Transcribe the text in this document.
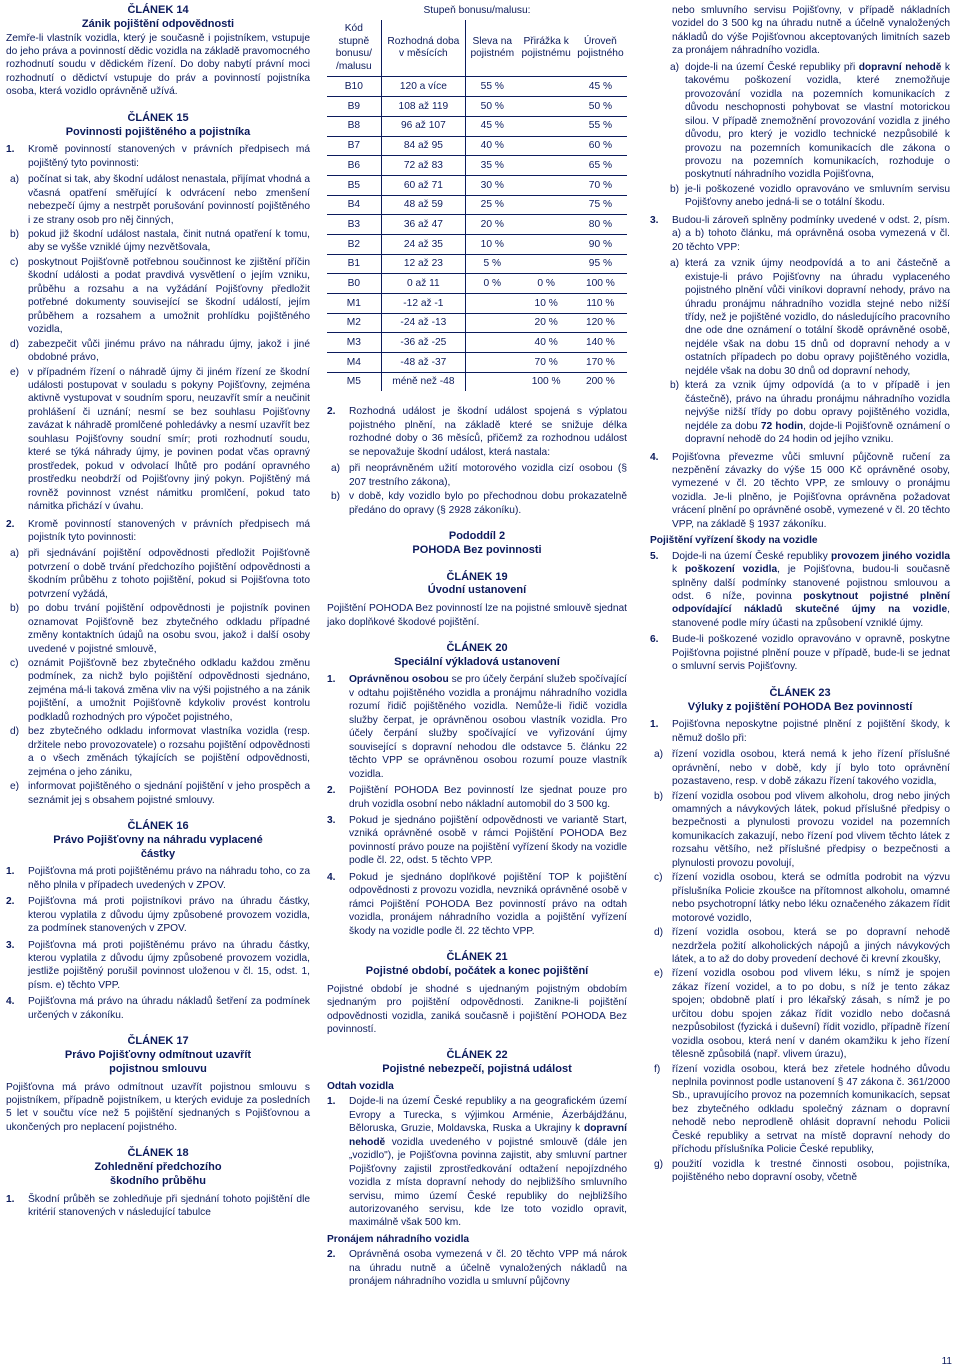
ČLÁNEK 14

Zánik pojištění odpovědnosti

Zemře-li vlastník vozidla, který je současně i pojistníkem, vstupuje do jeho práva a povinností dědic vozidla na základě pravomocného rozhodnutí soudu v dědickém řízení. Do doby nabytí právní moci rozhodnutí o dědictví vstupuje do práv a povinností pojistníka osoba, která vozidlo oprávněně užívá.

ČLÁNEK 15

Povinnosti pojištěného a pojistníka

1. Kromě povinností stanovených v právních předpisech má pojištěný tyto povinnosti:
a) počínat si tak, aby škodní událost nenastala, přijímat vhodná a včasná opatření směřující k odvrácení nebo zmenšení nebezpečí újmy a nestrpět porušování povinností pojištěného i ze strany osob pro něj činných,
b) pokud již škodní událost nastala, činit nutná opatření k tomu, aby se vyšše vzniklé újmy nezvětšovala,
c) poskytnout Pojišťovně potřebnou součinnost ke zjištění příčin škodní události a podat pravdivá vysvětlení o jejím vzniku, průběhu a rozsahu a na vyžádání Pojišťovny předložit potřebné dokumenty související se škodní událostí, jejím průběhem a rozsahem a umožnit prohlídku pojištěného vozidla,
d) zabezpečit vůči jinému právo na náhradu újmy, jakož i jiné obdobné právo,
e) v případném řízení o náhradě újmy či jiném řízení ze škodní události postupovat v souladu s pokyny Pojišťovny, zejména aktivně vystupovat v soudním sporu, neuzavřít smír a neučinit prohlášení či uznání; nesmí se bez souhlasu Pojišťovny zavázat k náhradě promlčené pohledávky a nesmí uzavřít bez souhlasu Pojišťovny soudní smír; proti rozhodnutí soudu, které se týká náhrady újmy, je povinen podat včas opravný prostředek, pokud v odvolací lhůtě pro podání opravného prostředku neobdrží od Pojišťovny jiný pokyn. Pojištěný má rovněž povinnost vznést námitku promlčení, pokud tato námitka přichází v úvahu.
2. Kromě povinností stanovených v právních předpisech má pojistník tyto povinnosti:
a) při sjednávání pojištění odpovědnosti předložit Pojišťovně potvrzení o době trvání předchozího pojištění odpovědnosti a škodním průběhu z tohoto pojištění, pokud si Pojišťovna toto potvrzení vyžádá,
b) po dobu trvání pojištění odpovědnosti je pojistník povinen oznamovat Pojišťovně bez zbytečného odkladu případné změny kontaktních údajů na osobu svou, jakož i další osoby uvedené v pojistné smlouvě,
c) oznámit Pojišťovně bez zbytečného odkladu každou změnu podmínek, za nichž bylo pojištění odpovědnosti sjednáno, zejména má-li taková změna vliv na výši pojistného a na zánik pojištění, a umožnit Pojišťovně kdykoliv provést kontrolu podkladů rozhodných pro výpočet pojistného,
d) bez zbytečného odkladu informovat vlastníka vozidla (resp. držitele nebo provozovatele) o rozsahu pojištění odpovědnosti a o všech změnách týkajících se pojištění odpovědnosti, zejména o jeho zániku,
e) informovat pojištěného o sjednání pojištění v jeho prospěch a seznámit jej s obsahem pojistné smlouvy.

ČLÁNEK 16

Právo Pojišťovny na náhradu vyplacené částky

1. Pojišťovna má proti pojištěnému právo na náhradu toho, co za něho plnila v případech uvedených v ZPOV.
2. Pojišťovna má proti pojistníkovi právo na úhradu částky, kterou vyplatila z důvodu újmy způsobené provozem vozidla, za podmínek stanovených v ZPOV.
3. Pojišťovna má proti pojištěnému právo na úhradu částky, kterou vyplatila z důvodu újmy způsobené provozem vozidla, jestliže pojištěný porušil povinnost uloženou v čl. 15, odst. 1, písm. e) těchto VPP.
4. Pojišťovna má právo na úhradu nákladů šetření za podmínek určených v zákoníku.

ČLÁNEK 17

Právo Pojišťovny odmítnout uzavřít pojistnou smlouvu

Pojišťovna má právo odmítnout uzavřít pojistnou smlouvu s pojistníkem, případně pojistníkem, u kterých eviduje za posledních 5 let v součtu více než 5 pojištění sjednaných s Pojišťovnou a ukončených pro neplacení pojistného.

ČLÁNEK 18

Zohlednění předchozího škodního průběhu

1. Škodní průběh se zohledňuje při sjednání tohoto pojištění dle kritérií stanovených v následující tabulce

Stupeň bonusu/malusu:

Kód stupně bonusu/ /malusu	Rozhodná doba v měsících	Sleva na pojistném	Přirážka k pojistnému	Úroveň pojistného
B10	120 a více	55 %		45 %
B9	108 až 119	50 %		50 %
B8	96 až 107	45 %		55 %
B7	84 až 95	40 %		60 %
B6	72 až 83	35 %		65 %
B5	60 až 71	30 %		70 %
B4	48 až 59	25 %		75 %
B3	36 až 47	20 %		80 %
B2	24 až 35	10 %		90 %
B1	12 až 23	5 %		95 %
B0	0 až 11	0 %	0 %	100 %
M1	-12 až -1		10 %	110 %
M2	-24 až -13		20 %	120 %
M3	-36 až -25		40 %	140 %
M4	-48 až -37		70 %	170 %
M5	méně než -48		100 %	200 %
2. Rozhodná událost je škodní událost spojená s výplatou pojistného plnění, na základě které se snižuje délka rozhodné doby o 36 měsíců, přičemž za rozhodnou událost se nepovažuje škodní událost, která nastala:
a) při neoprávněném užití motorového vozidla cizí osobou (§ 207 trestního zákona),
b) v době, kdy vozidlo bylo po přechodnou dobu prokazatelně předáno do opravy (§ 2928 zákoníku).

Pododdíl 2

POHODA Bez povinnosti

ČLÁNEK 19

Úvodní ustanovení

Pojištění POHODA Bez povinností lze na pojistné smlouvě sjednat jako doplňkové škodové pojištění.

ČLÁNEK 20

Speciální výkladová ustanovení

1. Oprávněnou osobou se pro účely čerpání služeb spočívající v odtahu pojištěného vozidla a pronájmu náhradního vozidla rozumí řidič pojištěného vozidla. Nemůže-li řidič vozidla služby čerpat, je oprávněnou osobou vlastník vozidla. Pro účely čerpání služby spočívající ve vyřizování újmy související s dopravní nehodou dle odstavce 5. článku 22 těchto VPP se oprávněnou osobou rozumí pouze vlastník vozidla.
2. Pojištění POHODA Bez povinností lze sjednat pouze pro druh vozidla osobní nebo nákladní automobil do 3 500 kg.
3. Pokud je sjednáno pojištění odpovědnosti ve variantě Start, vzniká oprávněné osobě v rámci Pojištění POHODA Bez povinností právo pouze na pojištění vyřízení škody na vozidle podle čl. 22, odst. 5 těchto VPP.
4. Pokud je sjednáno doplňkové pojištění TOP k pojištění odpovědnosti z provozu vozidla, nevzniká oprávněné osobě v rámci Pojištění POHODA Bez povinností právo na odtah vozidla, pronájem náhradního vozidla a pojištění vyřízení škody na vozidle podle čl. 22 těchto VPP.

ČLÁNEK 21

Pojistné období, počátek a konec pojištění

Pojistné období je shodné s ujednaným pojistným obdobím sjednaným pro pojištění odpovědnosti. Zanikne-li pojištění odpovědnosti vozidla, zaniká současně i pojištění POHODA Bez povinností.

ČLÁNEK 22

Pojistné nebezpečí, pojistná událost

Odtah vozidla

1. Dojde-li na území České republiky a na geografickém území Evropy a Turecka, s výjimkou Arménie, Ázerbájdžánu, Běloruska, Gruzie, Moldavska, Ruska a Ukrajiny k dopravní nehodě vozidla uvedeného v pojistné smlouvě (dále jen „vozidlo"), je Pojišťovna povinna zajistit, aby smluvní partner Pojišťovny zajistil zprostředkování odtažení nepojízdného vozidla z místa dopravní nehody do nejbližšího smluvního servisu, mimo území České republiky do nejbližšího autorizovaného servisu, kde lze toto vozidlo opravit, maximálně však 500 km.

Pronájem náhradního vozidla

2. Oprávněná osoba vymezená v čl. 20 těchto VPP má nárok na úhradu nutně a účelně vynaložených nákladů na pronájem náhradního vozidla u smluvní půjčovny

nebo smluvního servisu Pojišťovny, v případě nákladních vozidel do 3 500 kg na úhradu nutně a účelně vynaložených nákladů do výše Pojišťovnou akceptovaných limitních sazeb za pronájem náhradního vozidla.

a) dojde-li na území České republiky při dopravní nehodě k takovému poškození vozidla, které znemožňuje provozování vozidla na pozemních komunikacích z důvodu neschopnosti pohybovat se vlastní motorickou silou. V případě znemožnění provozování vozidla z jiného důvodu, pro který je vozidlo technické nezpůsobilé k provozu na pozemních komunikacích dle zákona o provozu na pozemních komunikacích, rozhoduje o poskytnutí náhradního vozidla Pojišťovna,
b) je-li poškozené vozidlo opravováno ve smluvním servisu Pojišťovny anebo jedná-li se o totální škodu.
3. Budou-li zároveň splněny podmínky uvedené v odst. 2, písm. a) a b) tohoto článku, má oprávněná osoba vymezená v čl. 20 těchto VPP:
a) která za vznik újmy neodpovídá a to ani částečně a existuje-li právo Pojišťovny na úhradu vyplaceného pojistného plnění vůči viníkovi dopravní nehody, právo na úhradu pronájmu náhradního vozidla stejné nebo nižší třídy, než je pojištěné vozidlo, do následujícího pracovního dne ode dne oznámení o totální škodě oprávněné osobě, nejdéle však na dobu 15 dnů od dopravní nehody a v ostatních případech po dobu opravy pojištěného vozidla, nejdéle však na dobu 30 dnů od dopravní nehody,
b) která za vznik újmy odpovídá (a to v případě i jen částečně), právo na úhradu pronájmu náhradního vozidla nejvýše nižší třídy po dobu opravy pojištěného vozidla, nejdéle za dobu 72 hodin, dojde-li Pojišťovně oznámení o dopravní nehodě do 24 hodin od jejího vzniku.
4. Pojišťovna převezme vůči smluvní půjčovně ručení za nezpěnění závazky do výše 15 000 Kč oprávněné osoby, vymezené v čl. 20 těchto VPP, ze smlouvy o pronájmu vozidla. Je-li plněno, je Pojišťovna oprávněna požadovat vrácení plnění po oprávněné osobě, vymezené v čl. 20 těchto VPP, na základě § 1937 zákoníku.

Pojištění vyřízení škody na vozidle

5. Dojde-li na území České republiky provozem jiného vozidla k poškození vozidla, je Pojišťovna, budou-li současně splněny další podmínky stanovené pojistnou smlouvou a odst. 6 níže, povinna poskytnout pojistné plnění odpovídající nákladů skutečné újmy na vozidle, stanovené podle míry účasti na způsobení vzniklé újmy.
6. Bude-li poškozené vozidlo opravováno v opravně, poskytne Pojišťovna pojistné plnění pouze v případě, bude-li se jednat o smluvní servis Pojišťovny.

ČLÁNEK 23

Výluky z pojištění POHODA Bez povinností

1. Pojišťovna neposkytne pojistné plnění z pojištění škody, k němuž došlo při:
a) řízení vozidla osobou, která nemá k jeho řízení příslušné oprávnění, nebo v době, kdy jí bylo toto oprávnění pozastaveno, resp. v době zákazu řízení takového vozidla,
b) řízení vozidla osobou pod vlivem alkoholu, drog nebo jiných omamných a návykových látek, pokud příslušné předpisy o bezpečnosti a plynulosti provozu vozidel na pozemních komunikacích zakazují, nebo řízení pod vlivem těchto látek z rozsahu většího, než příslušné předpisy o bezpečnosti a plynulosti provozu povolují,
c) řízení vozidla osobou, která se odmítla podrobit na výzvu příslušníka Policie zkoušce na přítomnost alkoholu, omamné nebo psychotropní látky nebo léku označeného zákazem řídit motorové vozidlo,
d) řízení vozidla osobou, která se po dopravní nehodě nezdržela požití alkoholických nápojů a jiných návykových látek, a to až do doby provedení dechové či krevní zkoušky,
e) řízení vozidla osobou pod vlivem léku, s nímž je spojen zákaz řízení vozidel, a to po dobu, s níž je tento zákaz spojen; obdobně platí i pro lékařský zásah, s nímž je po určitou dobu spojen zákaz řídit vozidlo nebo dočasná nezpůsobilost (fyzická i duševní) řídit vozidlo, případně řízení vozidla osobou, která není v daném okamžiku k jeho řízení tělesně způsobilá (např. vlivem úrazu),
f) řízení vozidla osobou, která bez zřetele hodného důvodu neplnila povinnost podle ustanovení § 47 zákona č. 361/2000 Sb., upravujícího provoz na pozemních komunikacích, sepsat bez zbytečného odkladu společný záznam o dopravní nehodě nebo neprodleně ohlásit dopravní nehodu Policii České republiky a setrvat na místě dopravní nehody do příchodu příslušníka Policie České republiky,
g) použití vozidla k trestné činnosti osobou, pojistníka, pojištěného nebo dopravní osoby, včetně
11
